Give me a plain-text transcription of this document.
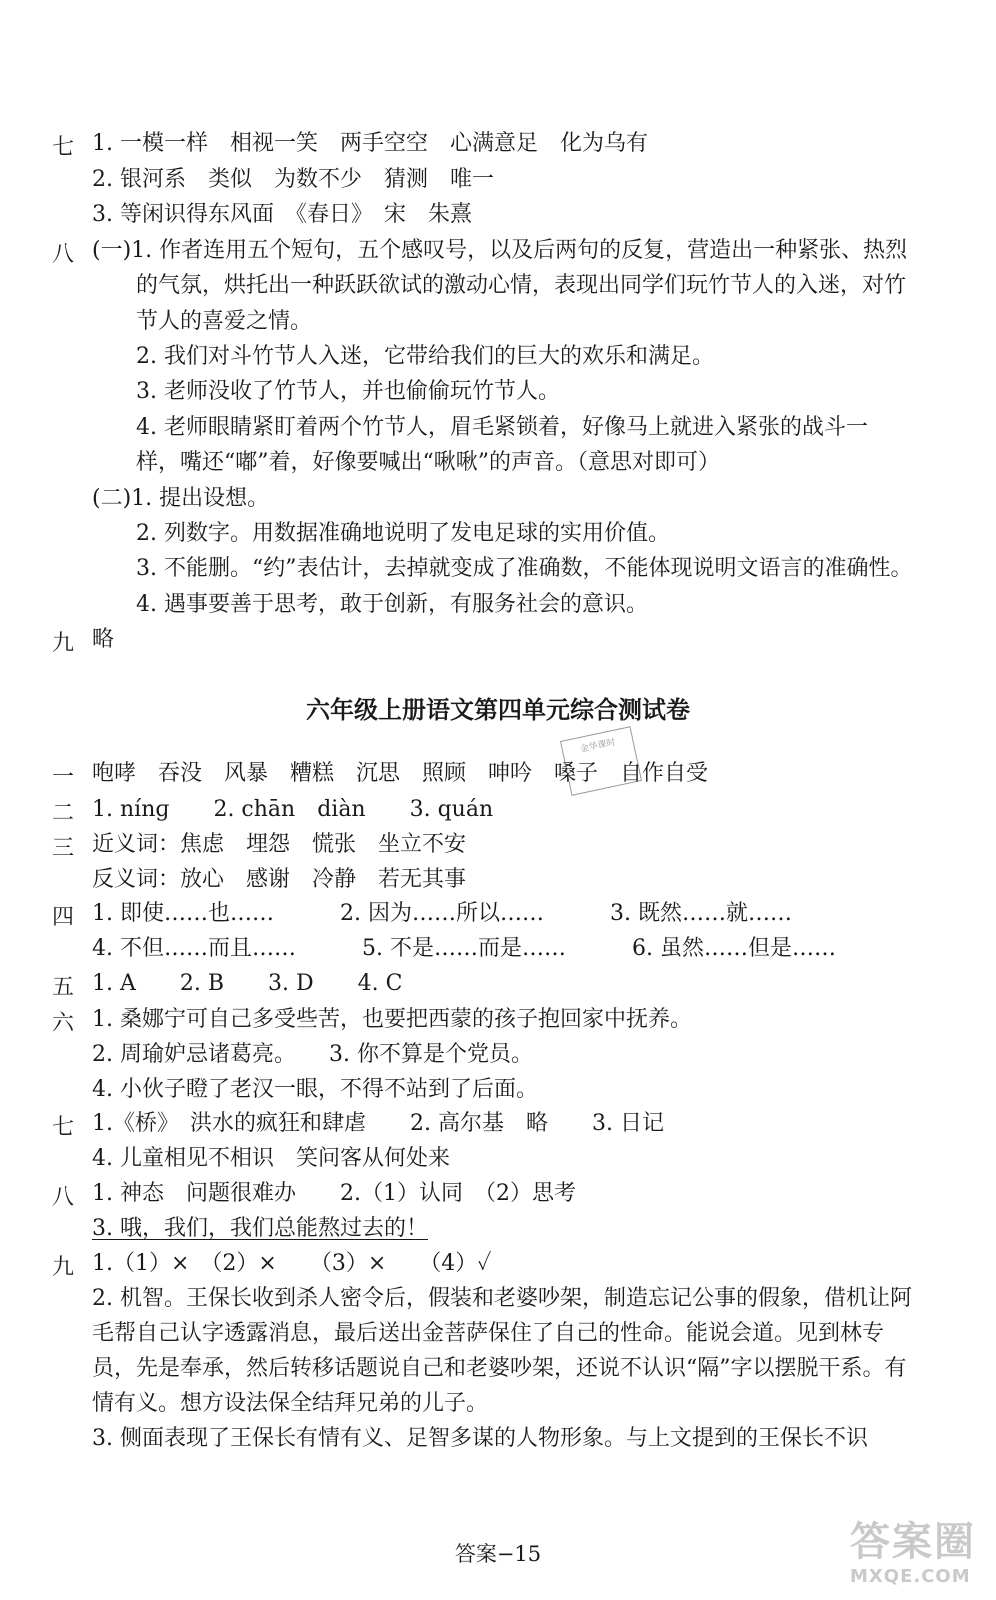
七 1. 一模一样　相视一笑　两手空空　心满意足　化为乌有
2. 银河系　类似　为数不少　猜测　唯一
3. 等闲识得东风面　《春日》　宋　朱熹
八 (一)1. 作者连用五个短句，五个感叹号，以及后两句的反复，营造出一种紧张、热烈
的气氛，烘托出一种跃跃欲试的激动心情，表现出同学们玩竹节人的入迷，对竹
节人的喜爱之情。
2. 我们对斗竹节人入迷，它带给我们的巨大的欢乐和满足。
3. 老师没收了竹节人，并也偷偷玩竹节人。
4. 老师眼睛紧盯着两个竹节人，眉毛紧锁着，好像马上就进入紧张的战斗一
样，嘴还“嘟”着，好像要喊出“啾啾”的声音。（意思对即可）
(二)1. 提出设想。
2. 列数字。用数据准确地说明了发电足球的实用价值。
3. 不能删。“约”表估计，去掉就变成了准确数，不能体现说明文语言的准确性。
4. 遇事要善于思考，敢于创新，有服务社会的意识。
九 略
六年级上册语文第四单元综合测试卷
金华课时
一 咆哮　吞没　风暴　糟糕　沉思　照顾　呻吟　嗓子　自作自受
二 1. nínɡ　　2. chān　diàn　　3. quán
三 近义词：焦虑　埋怨　慌张　坐立不安
反义词：放心　感谢　冷静　若无其事
四 1. 即使……也……　　　2. 因为……所以……　　　3. 既然……就……
4. 不但……而且……　　　5. 不是……而是……　　　6. 虽然……但是……
五 1. A　　2. B　　3. D　　4. C
六 1. 桑娜宁可自己多受些苦，也要把西蒙的孩子抱回家中抚养。
2. 周瑜妒忌诸葛亮。　　3. 你不算是个党员。
4. 小伙子瞪了老汉一眼，不得不站到了后面。
七 1.《桥》　洪水的疯狂和肆虐　　2. 高尔基　略　　3. 日记
4. 儿童相见不相识　笑问客从何处来
八 1. 神态　问题很难办　　2.（1）认同　（2）思考
3. 哦，我们，我们总能熬过去的！
九 1.（1）×　（2）×　　（3）×　　（4）✓
2. 机智。王保长收到杀人密令后，假装和老婆吵架，制造忘记公事的假象，借机让阿
毛帮自己认字透露消息，最后送出金菩萨保住了自己的性命。能说会道。见到林专
员，先是奉承，然后转移话题说自己和老婆吵架，还说不认识“隔”字以摆脱干系。有
情有义。想方设法保全结拜兄弟的儿子。
3. 侧面表现了王保长有情有义、足智多谋的人物形象。与上文提到的王保长不识
答案−15	答案圈
MXQE.COM
